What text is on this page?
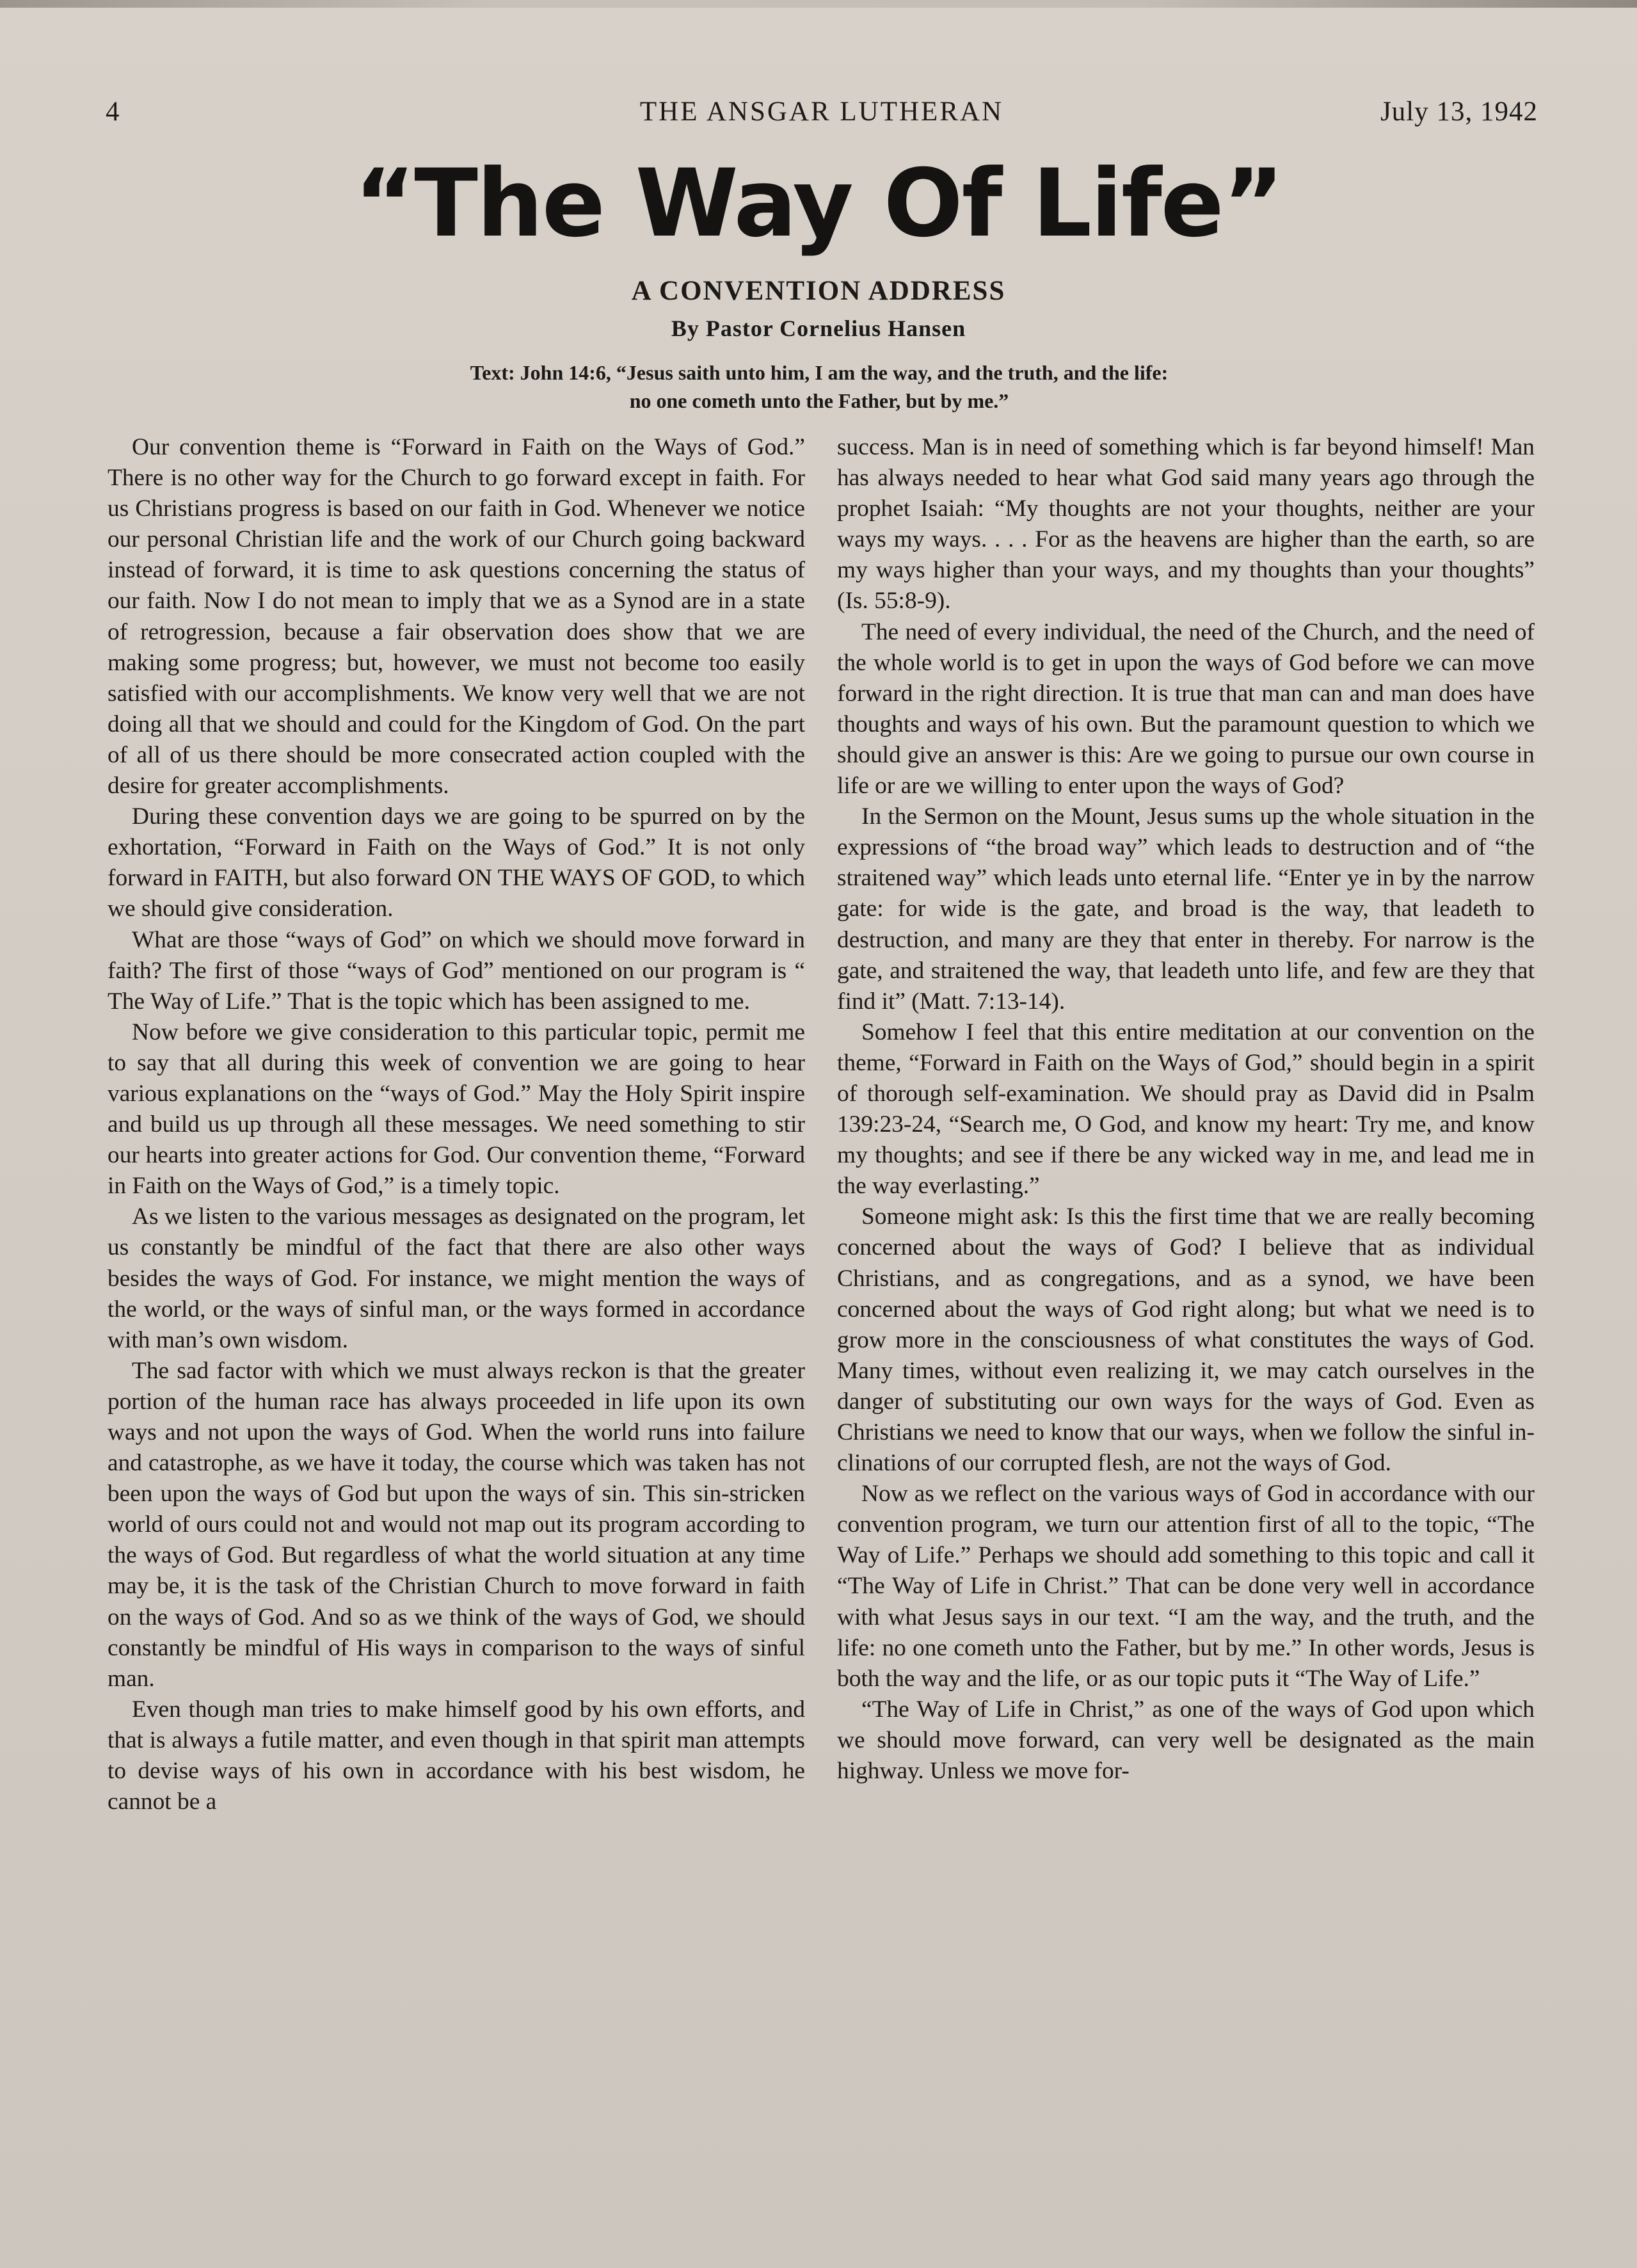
4	THE ANSGAR LUTHERAN	July 13, 1942
“The Way Of Life”
A CONVENTION ADDRESS
By Pastor Cornelius Hansen
Text: John 14:6, “Jesus saith unto him, I am the way, and the truth, and the life:
no one cometh unto the Father, but by me.”

Our convention theme is “Forward in Faith on the Ways of God.” There is no other way for the Church to go forward except in faith. For us Christians progress is based on our faith in God. Whenever we notice our personal Christian life and the work of our Church going backward instead of forward, it is time to ask questions concerning the status of our faith. Now I do not mean to imply that we as a Synod are in a state of retrogression, because a fair observation does show that we are making some progress; but, however, we must not become too easily satisfied with our accomplishments. We know very well that we are not doing all that we should and could for the Kingdom of God. On the part of all of us there should be more consecrated action coupled with the desire for greater accomplishments.

During these convention days we are going to be spurred on by the exhortation, “Forward in Faith on the Ways of God.” It is not only forward in FAITH, but also forward ON THE WAYS OF GOD, to which we should give consideration.

What are those “ways of God” on which we should move forward in faith? The first of those “ways of God” mentioned on our program is “ The Way of Life.” That is the topic which has been assigned to me.

Now before we give consideration to this particular topic, permit me to say that all during this week of convention we are going to hear various explanations on the “ways of God.” May the Holy Spirit inspire and build us up through all these messages. We need something to stir our hearts into greater actions for God. Our convention theme, “Forward in Faith on the Ways of God,” is a timely topic.

As we listen to the various messages as designated on the program, let us constantly be mindful of the fact that there are also other ways besides the ways of God. For instance, we might mention the ways of the world, or the ways of sinful man, or the ways formed in accordance with man’s own wisdom.

The sad factor with which we must always reckon is that the greater portion of the human race has always proceeded in life upon its own ways and not upon the ways of God. When the world runs into failure and catastrophe, as we have it today, the course which was taken has not been upon the ways of God but upon the ways of sin. This sin-stricken world of ours could not and would not map out its program according to the ways of God. But regardless of what the world situation at any time may be, it is the task of the Christian Church to move forward in faith on the ways of God. And so as we think of the ways of God, we should constantly be mindful of His ways in comparison to the ways of sinful man.

Even though man tries to make himself good by his own efforts, and that is always a futile matter, and even though in that spirit man attempts to devise ways of his own in accordance with his best wisdom, he cannot be a

success. Man is in need of something which is far beyond himself! Man has always needed to hear what God said many years ago through the prophet Isaiah: “My thoughts are not your thoughts, neither are your ways my ways. . . . For as the heavens are higher than the earth, so are my ways higher than your ways, and my thoughts than your thoughts” (Is. 55:8-9).

The need of every individual, the need of the Church, and the need of the whole world is to get in upon the ways of God before we can move forward in the right direction. It is true that man can and man does have thoughts and ways of his own. But the paramount question to which we should give an answer is this: Are we going to pursue our own course in life or are we willing to enter upon the ways of God?

In the Sermon on the Mount, Jesus sums up the whole situation in the expressions of “the broad way” which leads to destruction and of “the straitened way” which leads unto eternal life. “Enter ye in by the narrow gate: for wide is the gate, and broad is the way, that leadeth to destruction, and many are they that enter in thereby. For narrow is the gate, and straitened the way, that leadeth unto life, and few are they that find it” (Matt. 7:13-14).

Somehow I feel that this entire meditation at our convention on the theme, “Forward in Faith on the Ways of God,” should begin in a spirit of thorough self-examination. We should pray as David did in Psalm 139:23-24, “Search me, O God, and know my heart: Try me, and know my thoughts; and see if there be any wicked way in me, and lead me in the way everlasting.”

Someone might ask: Is this the first time that we are really becoming concerned about the ways of God? I believe that as individual Christians, and as congregations, and as a synod, we have been concerned about the ways of God right along; but what we need is to grow more in the consciousness of what constitutes the ways of God. Many times, without even realizing it, we may catch ourselves in the danger of substituting our own ways for the ways of God. Even as Christians we need to know that our ways, when we follow the sinful inclinations of our corrupted flesh, are not the ways of God.

Now as we reflect on the various ways of God in accordance with our convention program, we turn our attention first of all to the topic, “The Way of Life.” Perhaps we should add something to this topic and call it “The Way of Life in Christ.” That can be done very well in accordance with what Jesus says in our text. “I am the way, and the truth, and the life: no one cometh unto the Father, but by me.” In other words, Jesus is both the way and the life, or as our topic puts it “The Way of Life.”

“The Way of Life in Christ,” as one of the ways of God upon which we should move forward, can very well be designated as the main highway. Unless we move for-
